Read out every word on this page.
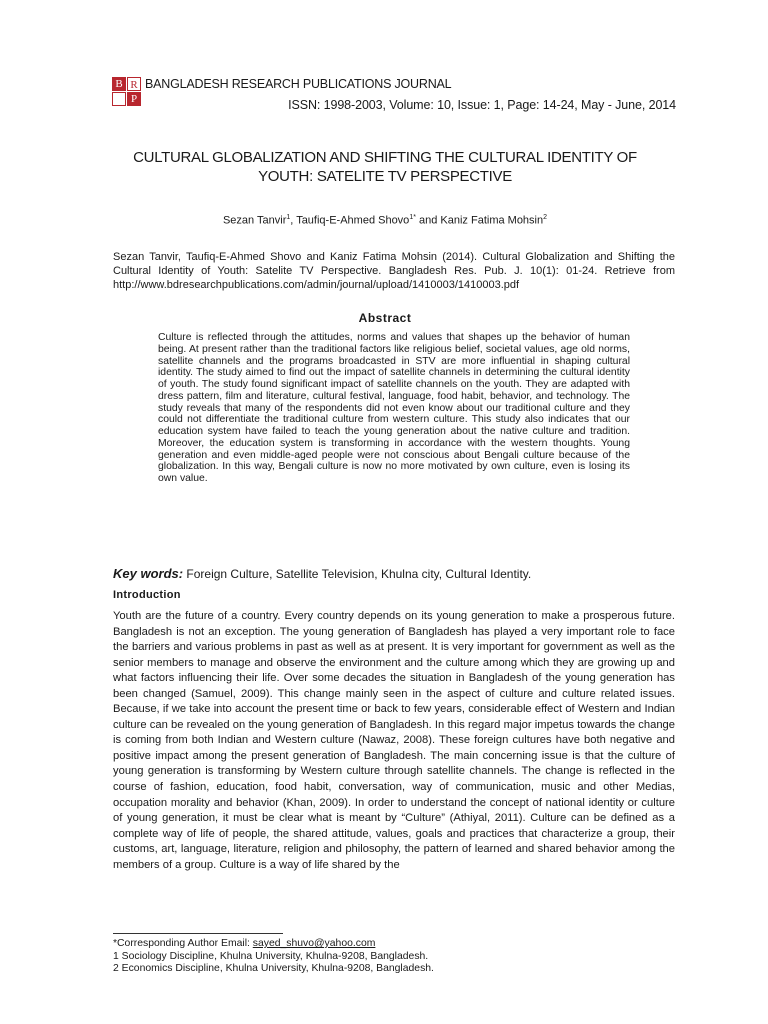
B R
P
BANGLADESH RESEARCH PUBLICATIONS JOURNAL
ISSN: 1998-2003, Volume: 10, Issue: 1, Page: 14-24, May - June, 2014
CULTURAL GLOBALIZATION AND SHIFTING THE CULTURAL IDENTITY OF
YOUTH: SATELITE TV PERSPECTIVE
Sezan Tanvir$^1$, Taufiq-E-Ahmed Shovo$^{1*}$ and Kaniz Fatima Mohsin$^2$
Sezan Tanvir, Taufiq-E-Ahmed Shovo and Kaniz Fatima Mohsin (2014). Cultural Globalization and Shifting the Cultural Identity of Youth: Satelite TV Perspective. Bangladesh Res. Pub. J. 10(1): 01-24. Retrieve from http://www.bdresearchpublications.com/admin/journal/upload/1410003/1410003.pdf
Abstract
Culture is reflected through the attitudes, norms and values that shapes up the behavior of human being. At present rather than the traditional factors like religious belief, societal values, age old norms, satellite channels and the programs broadcasted in STV are more influential in shaping cultural identity. The study aimed to find out the impact of satellite channels in determining the cultural identity of youth. The study found significant impact of satellite channels on the youth. They are adapted with dress pattern, film and literature, cultural festival, language, food habit, behavior, and technology. The study reveals that many of the respondents did not even know about our traditional culture and they could not differentiate the traditional culture from western culture. This study also indicates that our education system have failed to teach the young generation about the native culture and tradition. Moreover, the education system is transforming in accordance with the western thoughts. Young generation and even middle-aged people were not conscious about Bengali culture because of the globalization. In this way, Bengali culture is now no more motivated by own culture, even is losing its own value.
Key words: Foreign Culture, Satellite Television, Khulna city, Cultural Identity.
Introduction
Youth are the future of a country. Every country depends on its young generation to make a prosperous future. Bangladesh is not an exception. The young generation of Bangladesh has played a very important role to face the barriers and various problems in past as well as at present. It is very important for government as well as the senior members to manage and observe the environment and the culture among which they are growing up and what factors influencing their life. Over some decades the situation in Bangladesh of the young generation has been changed (Samuel, 2009). This change mainly seen in the aspect of culture and culture related issues. Because, if we take into account the present time or back to few years, considerable effect of Western and Indian culture can be revealed on the young generation of Bangladesh. In this regard major impetus towards the change is coming from both Indian and Western culture (Nawaz, 2008). These foreign cultures have both negative and positive impact among the present generation of Bangladesh. The main concerning issue is that the culture of young generation is transforming by Western culture through satellite channels. The change is reflected in the course of fashion, education, food habit, conversation, way of communication, music and other Medias, occupation morality and behavior (Khan, 2009). In order to understand the concept of national identity or culture of young generation, it must be clear what is meant by “Culture” (Athiyal, 2011). Culture can be defined as a complete way of life of people, the shared attitude, values, goals and practices that characterize a group, their customs, art, language, literature, religion and philosophy, the pattern of learned and shared behavior among the members of a group. Culture is a way of life shared by the
*Corresponding Author Email: sayed_shuvo@yahoo.com
1 Sociology Discipline, Khulna University, Khulna-9208, Bangladesh.
2 Economics Discipline, Khulna University, Khulna-9208, Bangladesh.
